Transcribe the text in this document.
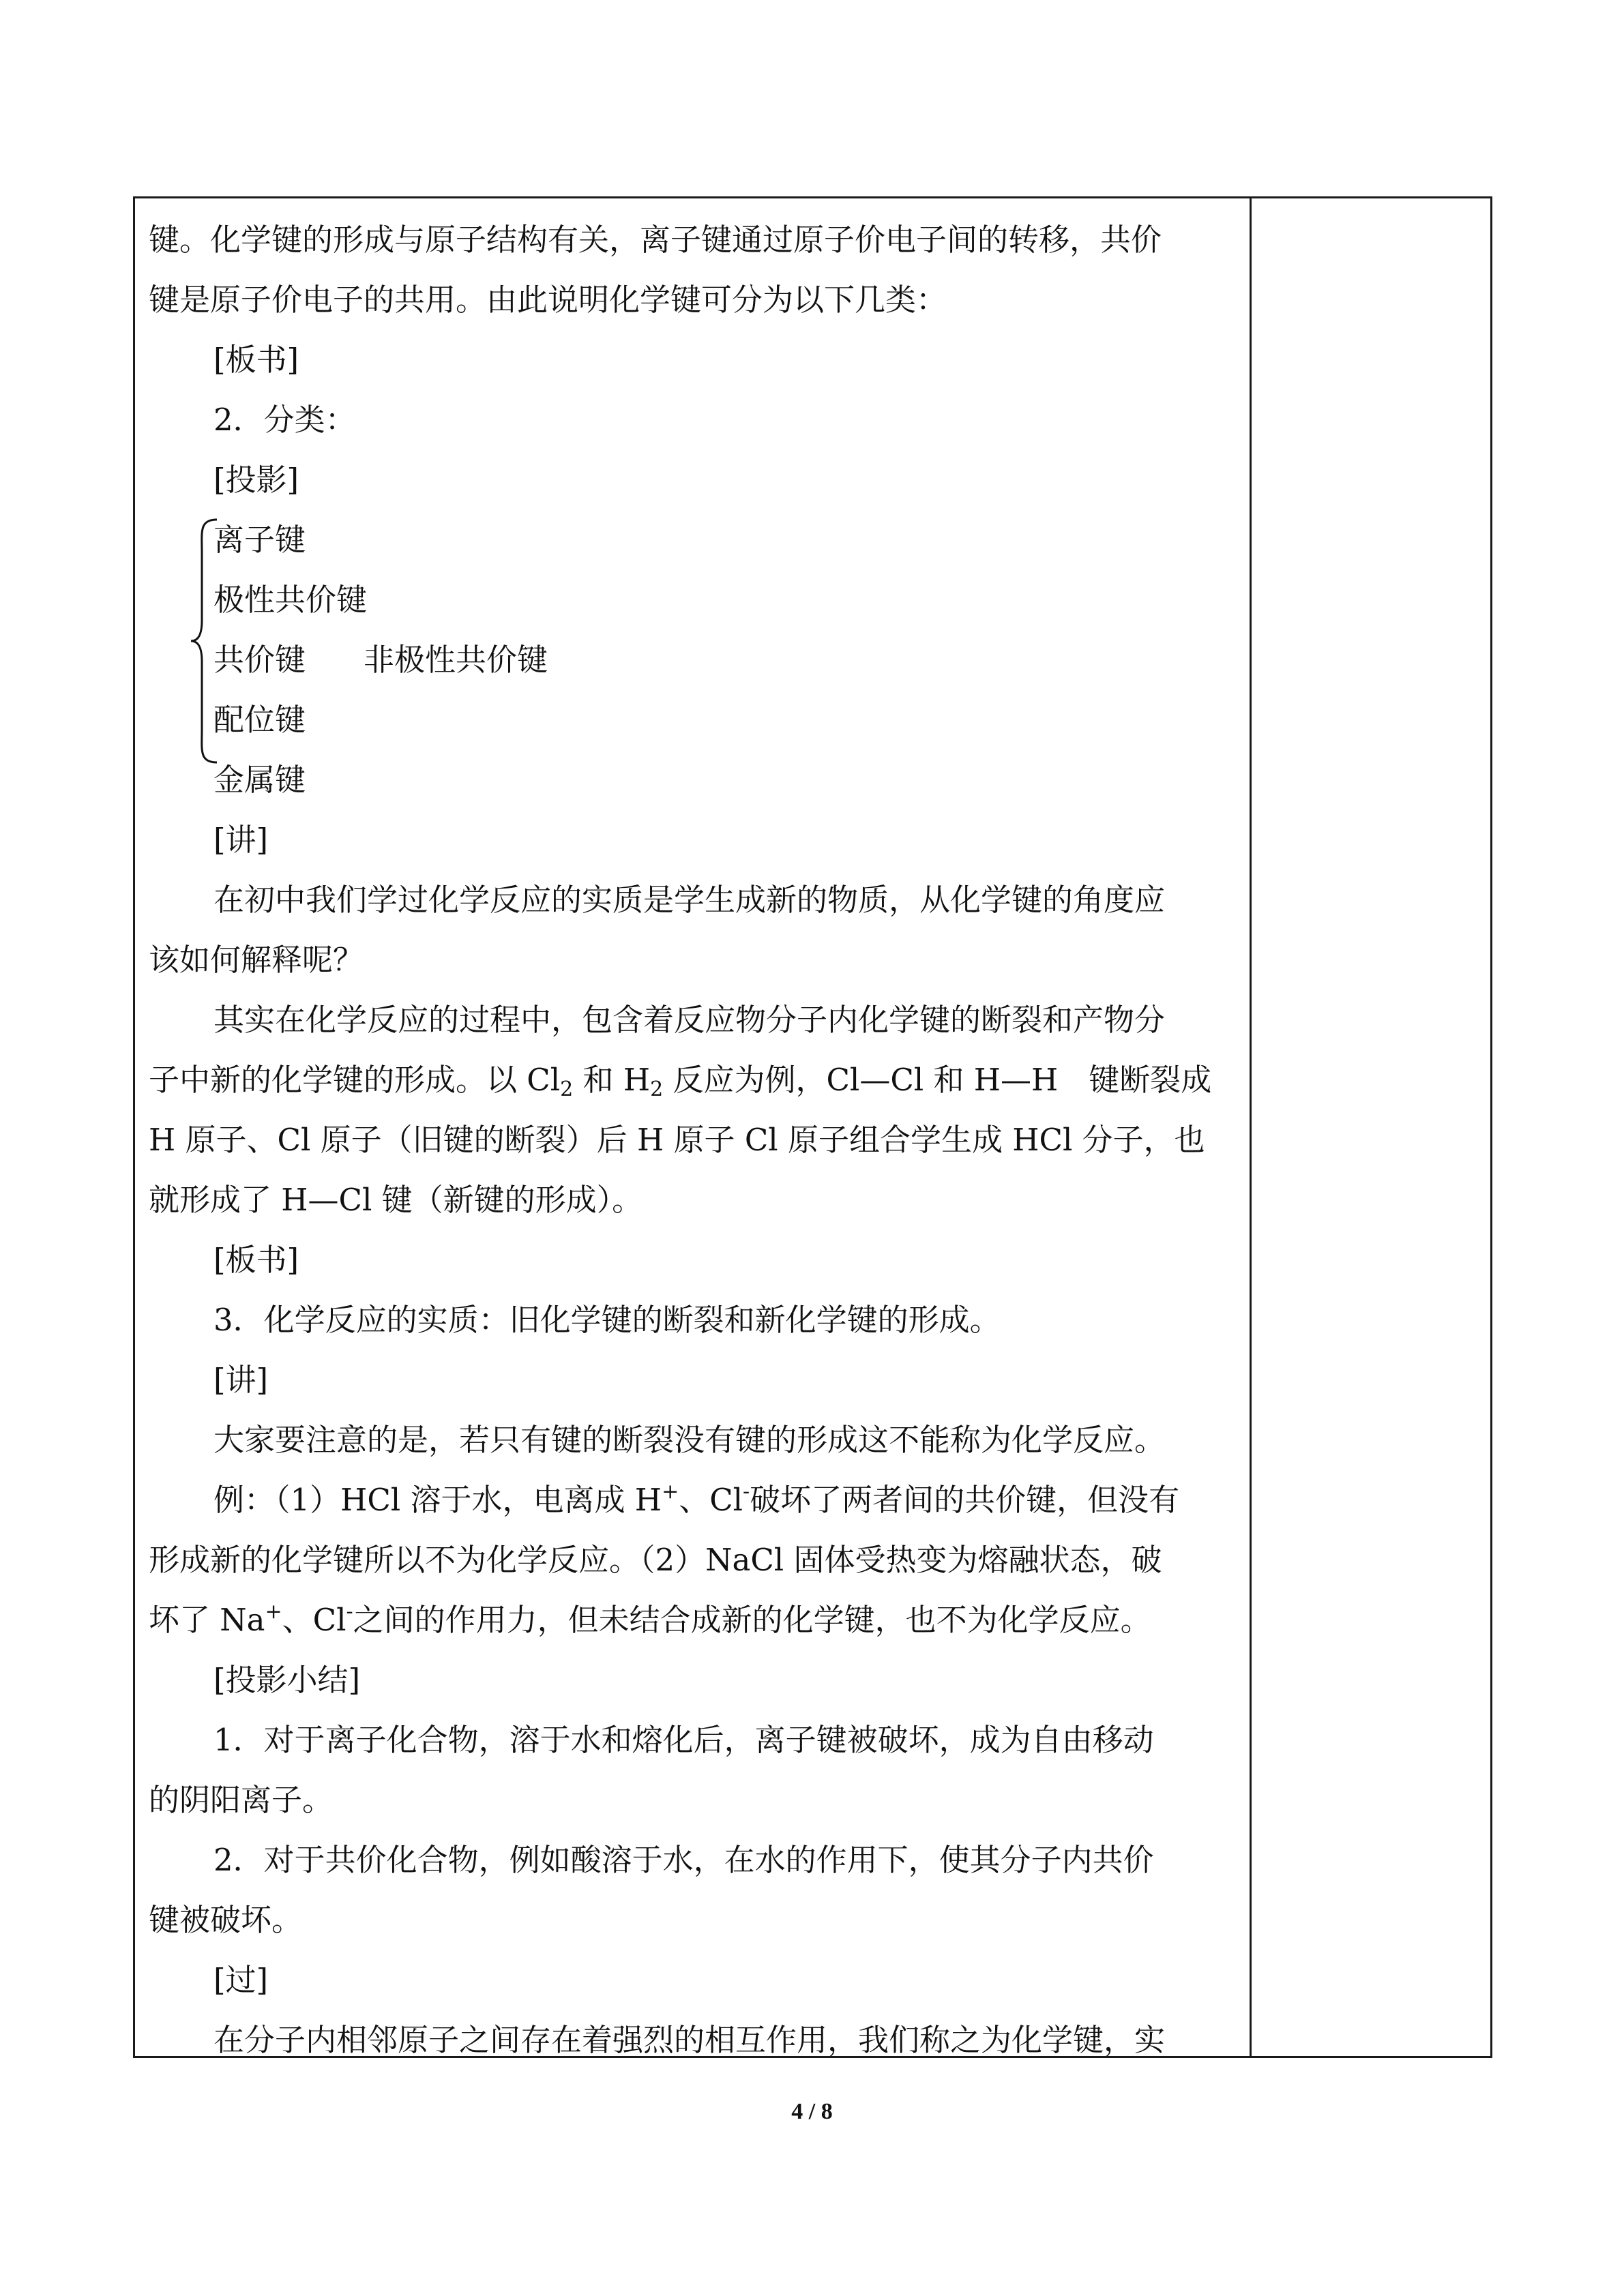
键。化学键的形成与原子结构有关，离子键通过原子价电子间的转移，共价

键是原子价电子的共用。由此说明化学键可分为以下几类：

[板书]

2．分类：

[投影]

离子键
极性共价键
共价键 非极性共价键
配位键
金属键

[讲]

在初中我们学过化学反应的实质是学生成新的物质，从化学键的角度应

该如何解释呢？

其实在化学反应的过程中，包含着反应物分子内化学键的断裂和产物分

子中新的化学键的形成。以 $Cl_2$ 和 $H_2$ 反应为例，Cl—Cl 和 H—H　键断裂成

H 原子、Cl 原子（旧键的断裂）后 H 原子 Cl 原子组合学生成 HCl 分子，也

就形成了 H—Cl 键（新键的形成）。

[板书]

3．化学反应的实质：旧化学键的断裂和新化学键的形成。

[讲]

大家要注意的是，若只有键的断裂没有键的形成这不能称为化学反应。

例：（1）HCl 溶于水，电离成 H+、Cl-破坏了两者间的共价键，但没有

形成新的化学键所以不为化学反应。（2）NaCl 固体受热变为熔融状态，破

坏了 Na+、Cl-之间的作用力，但未结合成新的化学键，也不为化学反应。

[投影小结]

1．对于离子化合物，溶于水和熔化后，离子键被破坏，成为自由移动

的阴阳离子。

2．对于共价化合物，例如酸溶于水，在水的作用下，使其分子内共价

键被破坏。

[过]

在分子内相邻原子之间存在着强烈的相互作用，我们称之为化学键，实

4 / 8
